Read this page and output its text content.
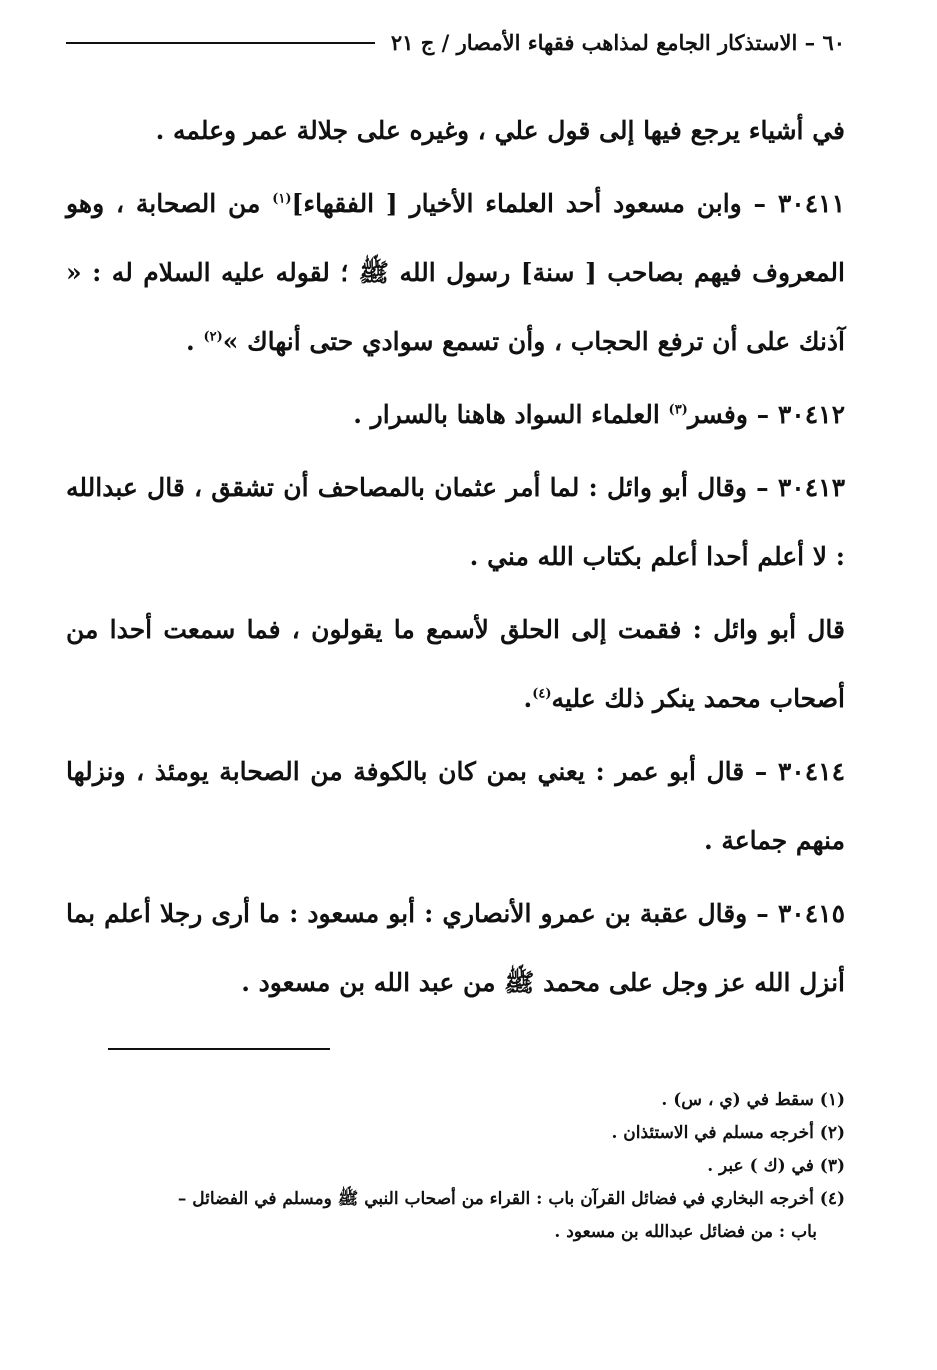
٦٠ – الاستذكار الجامع لمذاهب فقهاء الأمصار / ج ٢١

في أشياء يرجع فيها إلى قول علي ، وغيره على جلالة عمر وعلمه .

٣٠٤١١ – وابن مسعود أحد العلماء الأخيار [ الفقهاء]$^{(١)}$ من الصحابة ، وهو المعروف فيهم بصاحب [ سنة] رسول الله ﷺ ؛ لقوله عليه السلام له : « آذنك على أن ترفع الحجاب ، وأن تسمع سوادي حتى أنهاك »$^{(٢)}$ .

٣٠٤١٢ – وفسر$^{(٣)}$ العلماء السواد هاهنا بالسرار .

٣٠٤١٣ – وقال أبو وائل : لما أمر عثمان بالمصاحف أن تشقق ، قال عبدالله : لا أعلم أحدا أعلم بكتاب الله مني .

قال أبو وائل : فقمت إلى الحلق لأسمع ما يقولون ، فما سمعت أحدا من أصحاب محمد ينكر ذلك عليه$^{(٤)}$.

٣٠٤١٤ – قال أبو عمر : يعني بمن كان بالكوفة من الصحابة يومئذ ، ونزلها منهم جماعة .

٣٠٤١٥ – وقال عقبة بن عمرو الأنصاري : أبو مسعود : ما أرى رجلا أعلم بما أنزل الله عز وجل على محمد ﷺ من عبد الله بن مسعود .

(١) سقط في (ي ، س) .

(٢) أخرجه مسلم في الاستئذان .

(٣) في (ك ) عبر .

(٤) أخرجه البخاري في فضائل القرآن باب : القراء من أصحاب النبي ﷺ ومسلم في الفضائل –

باب : من فضائل عبدالله بن مسعود .
